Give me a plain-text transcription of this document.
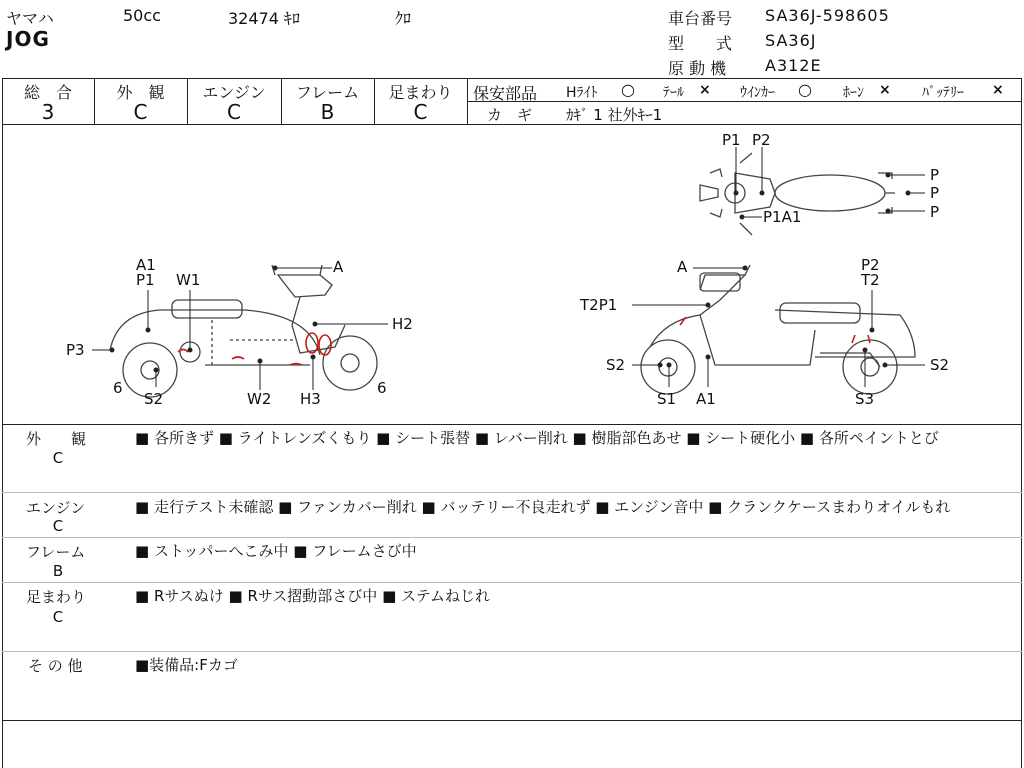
ヤマハ	50cc	32474 ｷﾛ	ｸﾛ
JOG
車台番号 SA36J-598605
型　　式 SA36J
原 動 機 A312E
総　合	外　観	エンジン	フレーム	足まわり
3	C	C	B	C
保安部品 Hﾗｲﾄ ○ ﾃｰﾙ × ｳｲﾝｶｰ ○ ﾎｰﾝ × ﾊﾞｯﾃﾘｰ ×
カ　ギ ｶｷﾞ 1 社外ｷｰ1
P1 P2
P1A1
P
P
P
A1
P1 W1
A
H2
P3
6	6
S2	W2 H3
A	P2
T2
T2P1
S2	S2
S1 A1	S3
外　　観
C
■ 各所きず ■ ライトレンズくもり ■ シート張替 ■ レバー削れ ■ 樹脂部色あせ ■ シート硬化小 ■ 各所ペイントとび
エンジン
C
■ 走行テスト未確認 ■ ファンカバー削れ ■ バッテリー不良走れず ■ エンジン音中 ■ クランクケースまわりオイルもれ
フレーム
B
■ ストッパーへこみ中 ■ フレームさび中
足まわり
C
■ Rサスぬけ ■ Rサス摺動部さび中 ■ ステムねじれ
そ の 他	■装備品:Fカゴ
